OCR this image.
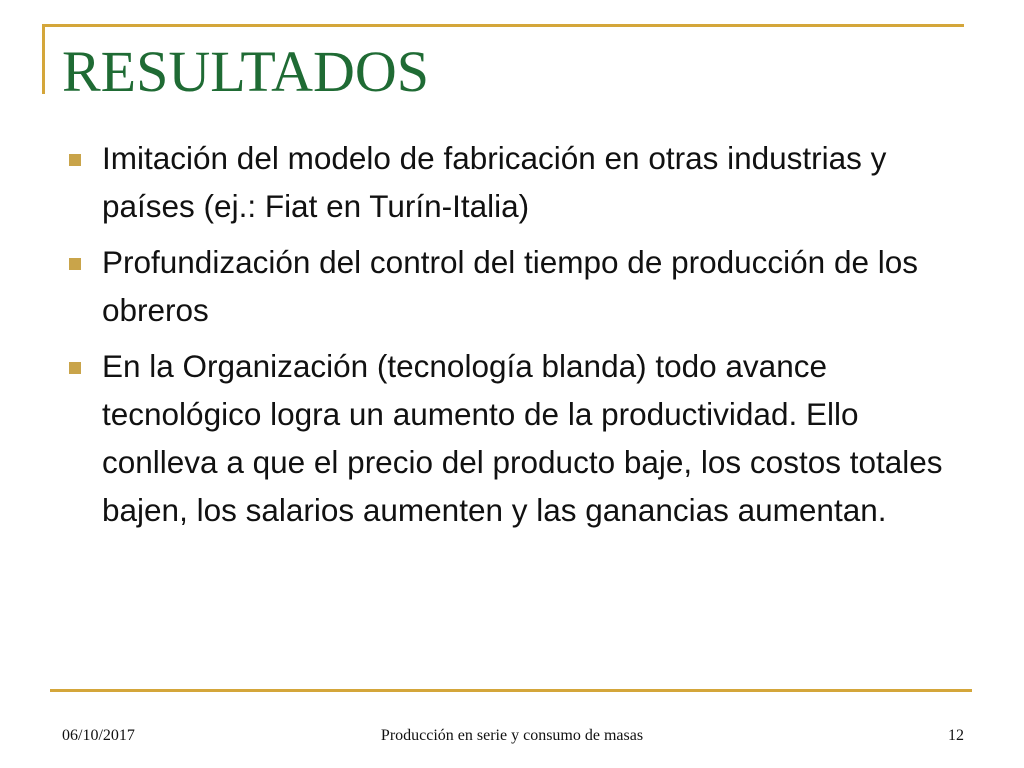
RESULTADOS
Imitación del modelo de fabricación en otras industrias y países (ej.: Fiat en Turín-Italia)
Profundización del control del tiempo de producción de los obreros
En la Organización (tecnología blanda) todo avance tecnológico logra un aumento de la productividad. Ello conlleva a que el precio del producto baje, los costos totales bajen, los salarios aumenten y las ganancias aumentan.
06/10/2017	Producción en serie y consumo de masas	12
